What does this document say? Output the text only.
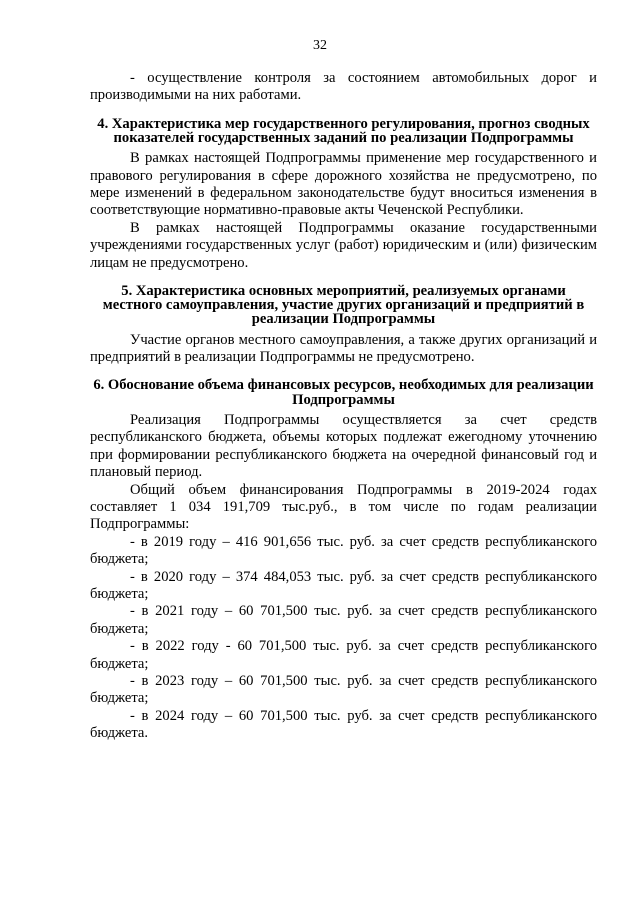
32

- осуществление контроля за состоянием автомобильных дорог и производимыми на них работами.

4. Характеристика мер государственного регулирования, прогноз сводных показателей государственных заданий по реализации Подпрограммы

В рамках настоящей Подпрограммы применение мер государственного и правового регулирования в сфере дорожного хозяйства не предусмотрено, по мере изменений в федеральном законодательстве будут вноситься изменения в соответствующие нормативно-правовые акты Чеченской Республики.

В рамках настоящей Подпрограммы оказание государственными учреждениями государственных услуг (работ) юридическим и (или) физическим лицам не предусмотрено.

5. Характеристика основных мероприятий, реализуемых органами местного самоуправления, участие других организаций и предприятий в реализации Подпрограммы

Участие органов местного самоуправления, а также других организаций и предприятий в реализации Подпрограммы не предусмотрено.

6. Обоснование объема финансовых ресурсов, необходимых для реализации Подпрограммы

Реализация Подпрограммы осуществляется за счет средств республиканского бюджета, объемы которых подлежат ежегодному уточнению при формировании республиканского бюджета на очередной финансовый год и плановый период.

Общий объем финансирования Подпрограммы в 2019-2024 годах составляет 1 034 191,709 тыс.руб., в том числе по годам реализации Подпрограммы:

- в 2019 году – 416 901,656 тыс. руб. за счет средств республиканского бюджета;

- в 2020 году – 374 484,053 тыс. руб. за счет средств республиканского бюджета;

- в 2021 году – 60 701,500 тыс. руб. за счет средств республиканского бюджета;

- в 2022 году - 60 701,500 тыс. руб. за счет средств республиканского бюджета;

- в 2023 году – 60 701,500 тыс. руб. за счет средств республиканского бюджета;

- в 2024 году – 60 701,500 тыс. руб. за счет средств республиканского бюджета.
